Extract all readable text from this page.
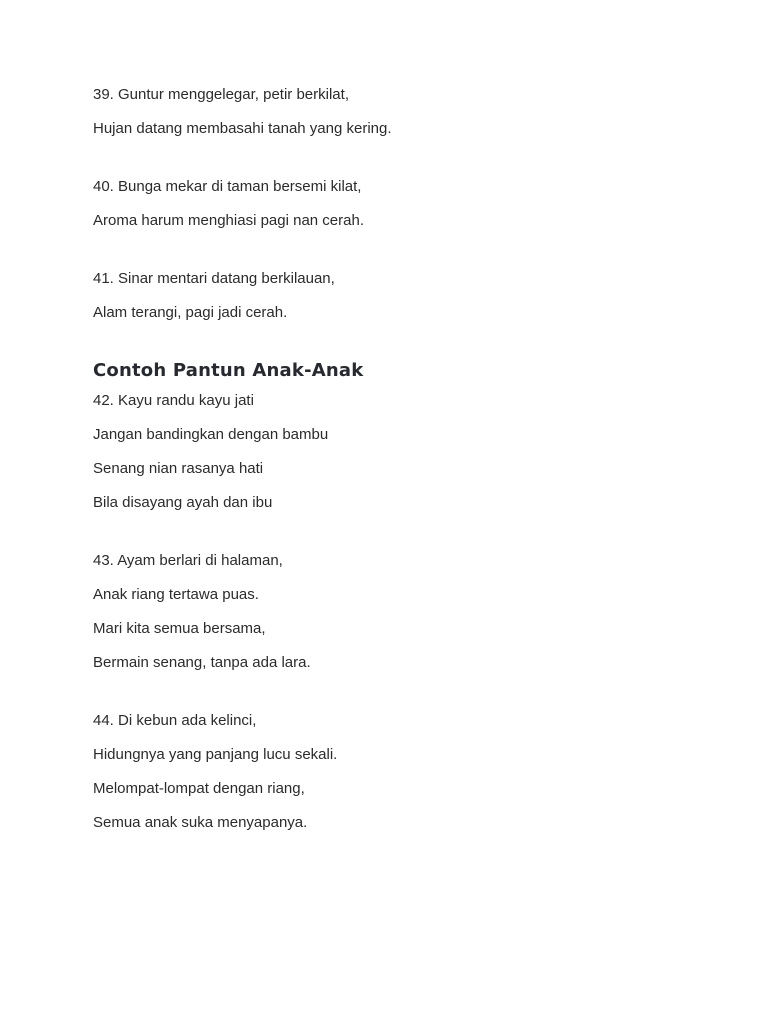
39. Guntur menggelegar, petir berkilat,
Hujan datang membasahi tanah yang kering.
40. Bunga mekar di taman bersemi kilat,
Aroma harum menghiasi pagi nan cerah.
41. Sinar mentari datang berkilauan,
Alam terangi, pagi jadi cerah.
Contoh Pantun Anak-Anak
42. Kayu randu kayu jati
Jangan bandingkan dengan bambu
Senang nian rasanya hati
Bila disayang ayah dan ibu
43. Ayam berlari di halaman,
Anak riang tertawa puas.
Mari kita semua bersama,
Bermain senang, tanpa ada lara.
44. Di kebun ada kelinci,
Hidungnya yang panjang lucu sekali.
Melompat-lompat dengan riang,
Semua anak suka menyapanya.
